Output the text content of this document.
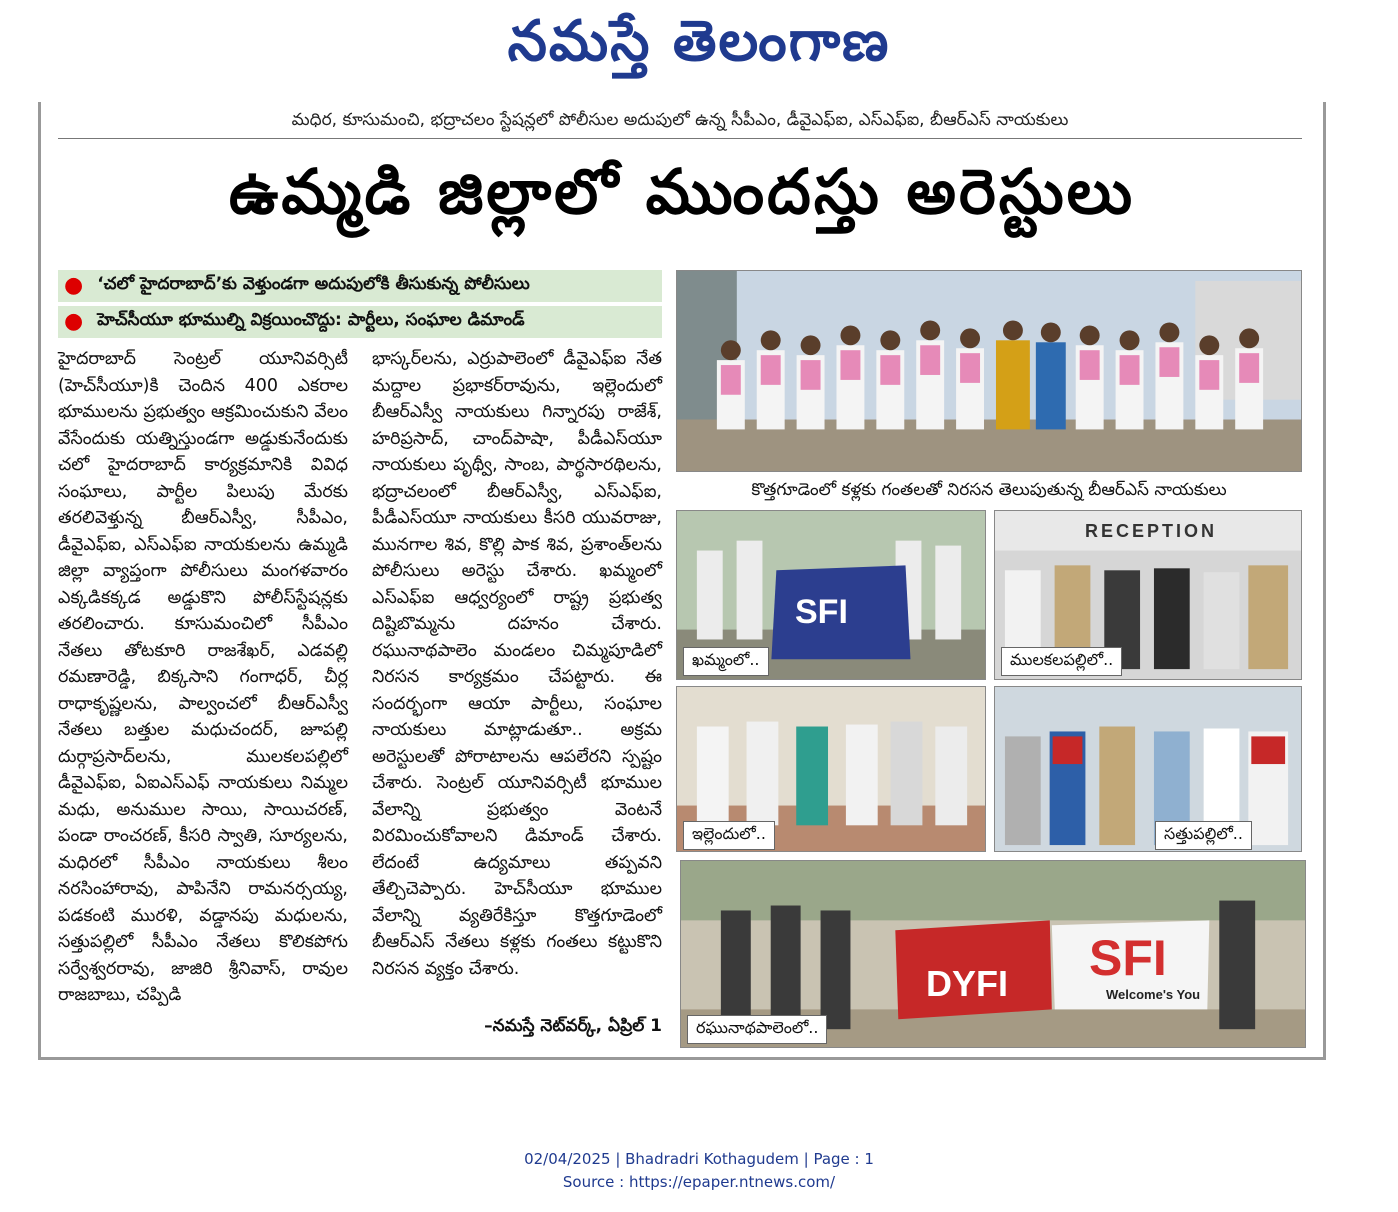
నమస్తే తెలంగాణ
మధిర, కూసుమంచి, భద్రాచలం స్టేషన్లలో పోలీసుల అదుపులో ఉన్న సీపీఎం, డీవైఎఫ్ఐ, ఎస్ఎఫ్ఐ, బీఆర్ఎస్ నాయకులు
ఉమ్మడి జిల్లాలో ముందస్తు అరెస్టులు
● ‘చలో హైదరాబాద్’కు వెళ్తుండగా అదుపులోకి తీసుకున్న పోలీసులు
● హెచ్‌సీయూ భూముల్ని విక్రయించొద్దు: పార్టీలు, సంఘాల డిమాండ్
హైదరాబాద్ సెంట్రల్ యూనివర్సిటీ (హెచ్‌సీయూ)కి చెందిన 400 ఎకరాల భూములను ప్రభుత్వం ఆక్రమించుకుని వేలం వేసేందుకు యత్నిస్తుండగా అడ్డుకునేందుకు చలో హైదరాబాద్ కార్యక్రమానికి వివిధ సంఘాలు, పార్టీల పిలుపు మేరకు తరలివెళ్తున్న బీఆర్ఎస్వీ, సీపీఎం, డీవైఎఫ్ఐ, ఎస్ఎఫ్ఐ నాయకులను ఉమ్మడి జిల్లా వ్యాప్తంగా పోలీసులు మంగళవారం ఎక్కడికక్కడ అడ్డుకొని పోలీస్‌స్టేషన్లకు తరలించారు. కూసుమంచిలో సీపీఎం నేతలు తోటకూరి రాజశేఖర్, ఎడవల్లి రమణారెడ్డి, బిక్కసాని గంగాధర్, చీర్ల రాధాకృష్ణలను, పాల్వంచలో బీఆర్ఎస్వీ నేతలు బత్తుల మధుచందర్, జూపల్లి దుర్గాప్రసాద్‌లను, ములకలపల్లిలో డీవైఎఫ్ఐ, ఏఐఎస్ఎఫ్ నాయకులు నిమ్మల మధు, అనుముల సాయి, సాయిచరణ్, పండా రాంచరణ్, కీసరి స్వాతి, సూర్యలను, మధిరలో సీపీఎం నాయకులు శీలం నరసింహారావు, పాపినేని రామనర్సయ్య, పడకంటి మురళి, వడ్డానపు మధులను, సత్తుపల్లిలో సీపీఎం నేతలు కొలికపోగు సర్వేశ్వరరావు, జాజిరి శ్రీనివాస్, రావుల రాజబాబు, చప్పిడి
భాస్కర్‌లను, ఎర్రుపాలెంలో డీవైఎఫ్ఐ నేత మద్దాల ప్రభాకర్‌రావును, ఇల్లెందులో బీఆర్ఎస్వీ నాయకులు గిన్నారపు రాజేశ్, హరిప్రసాద్, చాంద్‌పాషా, పీడీఎస్‌యూ నాయకులు పృథ్వీ, సాంబ, పార్థసారథిలను, భద్రాచలంలో బీఆర్ఎస్వీ, ఎస్ఎఫ్ఐ, పీడీఎస్‌యూ నాయకులు కీసరి యువరాజు, మునగాల శివ, కొల్లి పాక శివ, ప్రశాంత్‌లను పోలీసులు అరెస్టు చేశారు. ఖమ్మంలో ఎస్ఎఫ్ఐ ఆధ్వర్యంలో రాష్ట్ర ప్రభుత్వ దిష్టిబొమ్మను దహనం చేశారు. రఘునాథపాలెం మండలం చిమ్మపూడిలో నిరసన కార్యక్రమం చేపట్టారు. ఈ సందర్భంగా ఆయా పార్టీలు, సంఘాల నాయకులు మాట్లాడుతూ.. అక్రమ అరెస్టులతో పోరాటాలను ఆపలేరని స్పష్టం చేశారు. సెంట్రల్ యూనివర్సిటీ భూముల వేలాన్ని ప్రభుత్వం వెంటనే విరమించుకోవాలని డిమాండ్ చేశారు. లేదంటే ఉద్యమాలు తప్పవని తేల్చిచెప్పారు. హెచ్‌సీయూ భూముల వేలాన్ని వ్యతిరేకిస్తూ కొత్తగూడెంలో బీఆర్ఎస్ నేతలు కళ్లకు గంతలు కట్టుకొని నిరసన వ్యక్తం చేశారు.
–నమస్తే నెట్‌వర్క్, ఏప్రిల్ 1
కొత్తగూడెంలో కళ్లకు గంతలతో నిరసన తెలుపుతున్న బీఆర్ఎస్ నాయకులు
SFI
ఖమ్మంలో..
RECEPTION
ములకలపల్లిలో..
ఇల్లెందులో..	సత్తుపల్లిలో..
DYFI SFI
Welcome's You
రఘునాథపాలెంలో..
02/04/2025 | Bhadradri Kothagudem | Page : 1
Source : https://epaper.ntnews.com/
